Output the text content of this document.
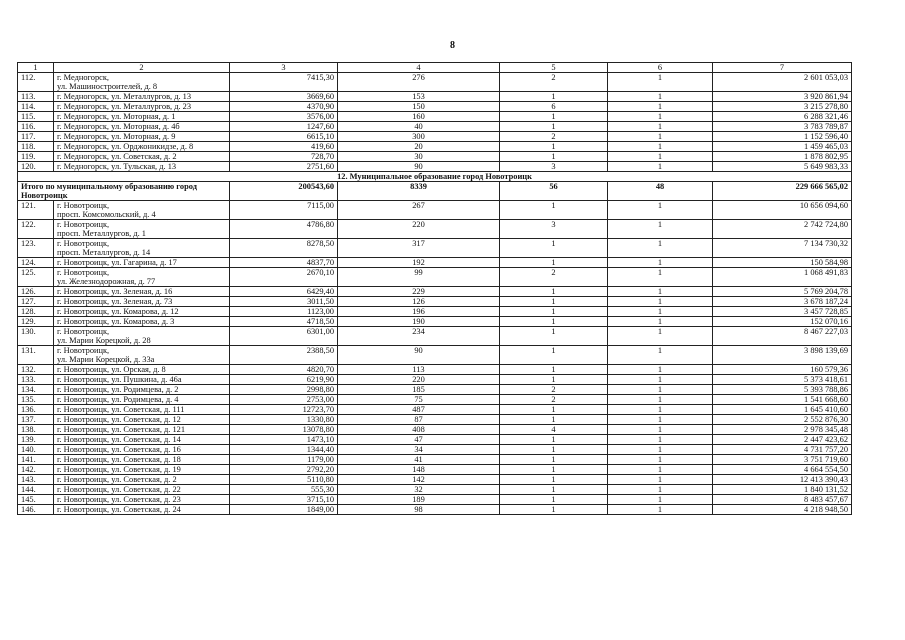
8
1	2	3	4	5	6	7
112.	г. Медногорск,
ул. Машиностроителей, д. 8	7415,30	276	2	1	2 601 053,03
113.	г. Медногорск, ул. Металлургов, д. 13	3669,60	153	1	1	3 920 861,94
114.	г. Медногорск, ул. Металлургов, д. 23	4370,90	150	6	1	3 215 278,80
115.	г. Медногорск, ул. Моторная, д. 1	3576,00	160	1	1	6 288 321,46
116.	г. Медногорск, ул. Моторная, д. 4б	1247,60	40	1	1	3 783 789,87
117.	г. Медногорск, ул. Моторная, д. 9	6615,10	300	2	1	1 152 596,40
118.	г. Медногорск, ул. Орджоникидзе, д. 8	419,60	20	1	1	1 459 465,03
119.	г. Медногорск, ул. Советская, д. 2	728,70	30	1	1	1 878 802,95
120.	г. Медногорск, ул. Тульская, д. 13	2751,60	90	3	1	5 649 983,33
12. Муниципальное образование город Новотроицк						
Итого по муниципальному образованию город Новотроицк		200543,60	8339	56	48	229 666 565,02
121.	г. Новотроицк,
просп. Комсомольский, д. 4	7115,00	267	1	1	10 656 094,60
122.	г. Новотроицк,
просп. Металлургов, д. 1	4786,80	220	3	1	2 742 724,80
123.	г. Новотроицк,
просп. Металлургов, д. 14	8278,50	317	1	1	7 134 730,32
124.	г. Новотроицк, ул. Гагарина, д. 17	4837,70	192	1	1	150 584,98
125.	г. Новотроицк,
ул. Железнодорожная, д. 77	2670,10	99	2	1	1 068 491,83
126.	г. Новотроицк, ул. Зеленая, д. 16	6429,40	229	1	1	5 769 204,78
127.	г. Новотроицк, ул. Зеленая, д. 73	3011,50	126	1	1	3 678 187,24
128.	г. Новотроицк, ул. Комарова, д. 12	1123,00	196	1	1	3 457 728,85
129.	г. Новотроицк, ул. Комарова, д. 3	4718,50	190	1	1	152 070,16
130.	г. Новотроицк,
ул. Марии Корецкой, д. 28	6301,00	234	1	1	8 467 227,03
131.	г. Новотроицк,
ул. Марии Корецкой, д. 33а	2388,50	90	1	1	3 898 139,69
132.	г. Новотроицк, ул. Орская, д. 8	4820,70	113	1	1	160 579,36
133.	г. Новотроицк, ул. Пушкина, д. 46а	6219,90	220	1	1	5 373 418,61
134.	г. Новотроицк, ул. Родимцева, д. 2	2998,80	185	2	1	5 393 788,86
135.	г. Новотроицк, ул. Родимцева, д. 4	2753,00	75	2	1	1 541 668,60
136.	г. Новотроицк, ул. Советская, д. 111	12723,70	487	1	1	1 645 410,60
137.	г. Новотроицк, ул. Советская, д. 12	1330,80	87	1	1	2 552 876,30
138.	г. Новотроицк, ул. Советская, д. 121	13078,80	408	4	1	2 978 345,48
139.	г. Новотроицк, ул. Советская, д. 14	1473,10	47	1	1	2 447 423,62
140.	г. Новотроицк, ул. Советская, д. 16	1344,40	34	1	1	4 731 757,20
141.	г. Новотроицк, ул. Советская, д. 18	1179,00	41	1	1	3 751 719,60
142.	г. Новотроицк, ул. Советская, д. 19	2792,20	148	1	1	4 664 554,50
143.	г. Новотроицк, ул. Советская, д. 2	5110,80	142	1	1	12 413 390,43
144.	г. Новотроицк, ул. Советская, д. 22	555,30	32	1	1	1 840 131,52
145.	г. Новотроицк, ул. Советская, д. 23	3715,10	189	1	1	8 483 457,67
146.	г. Новотроицк, ул. Советская, д. 24	1849,00	98	1	1	4 218 948,50
